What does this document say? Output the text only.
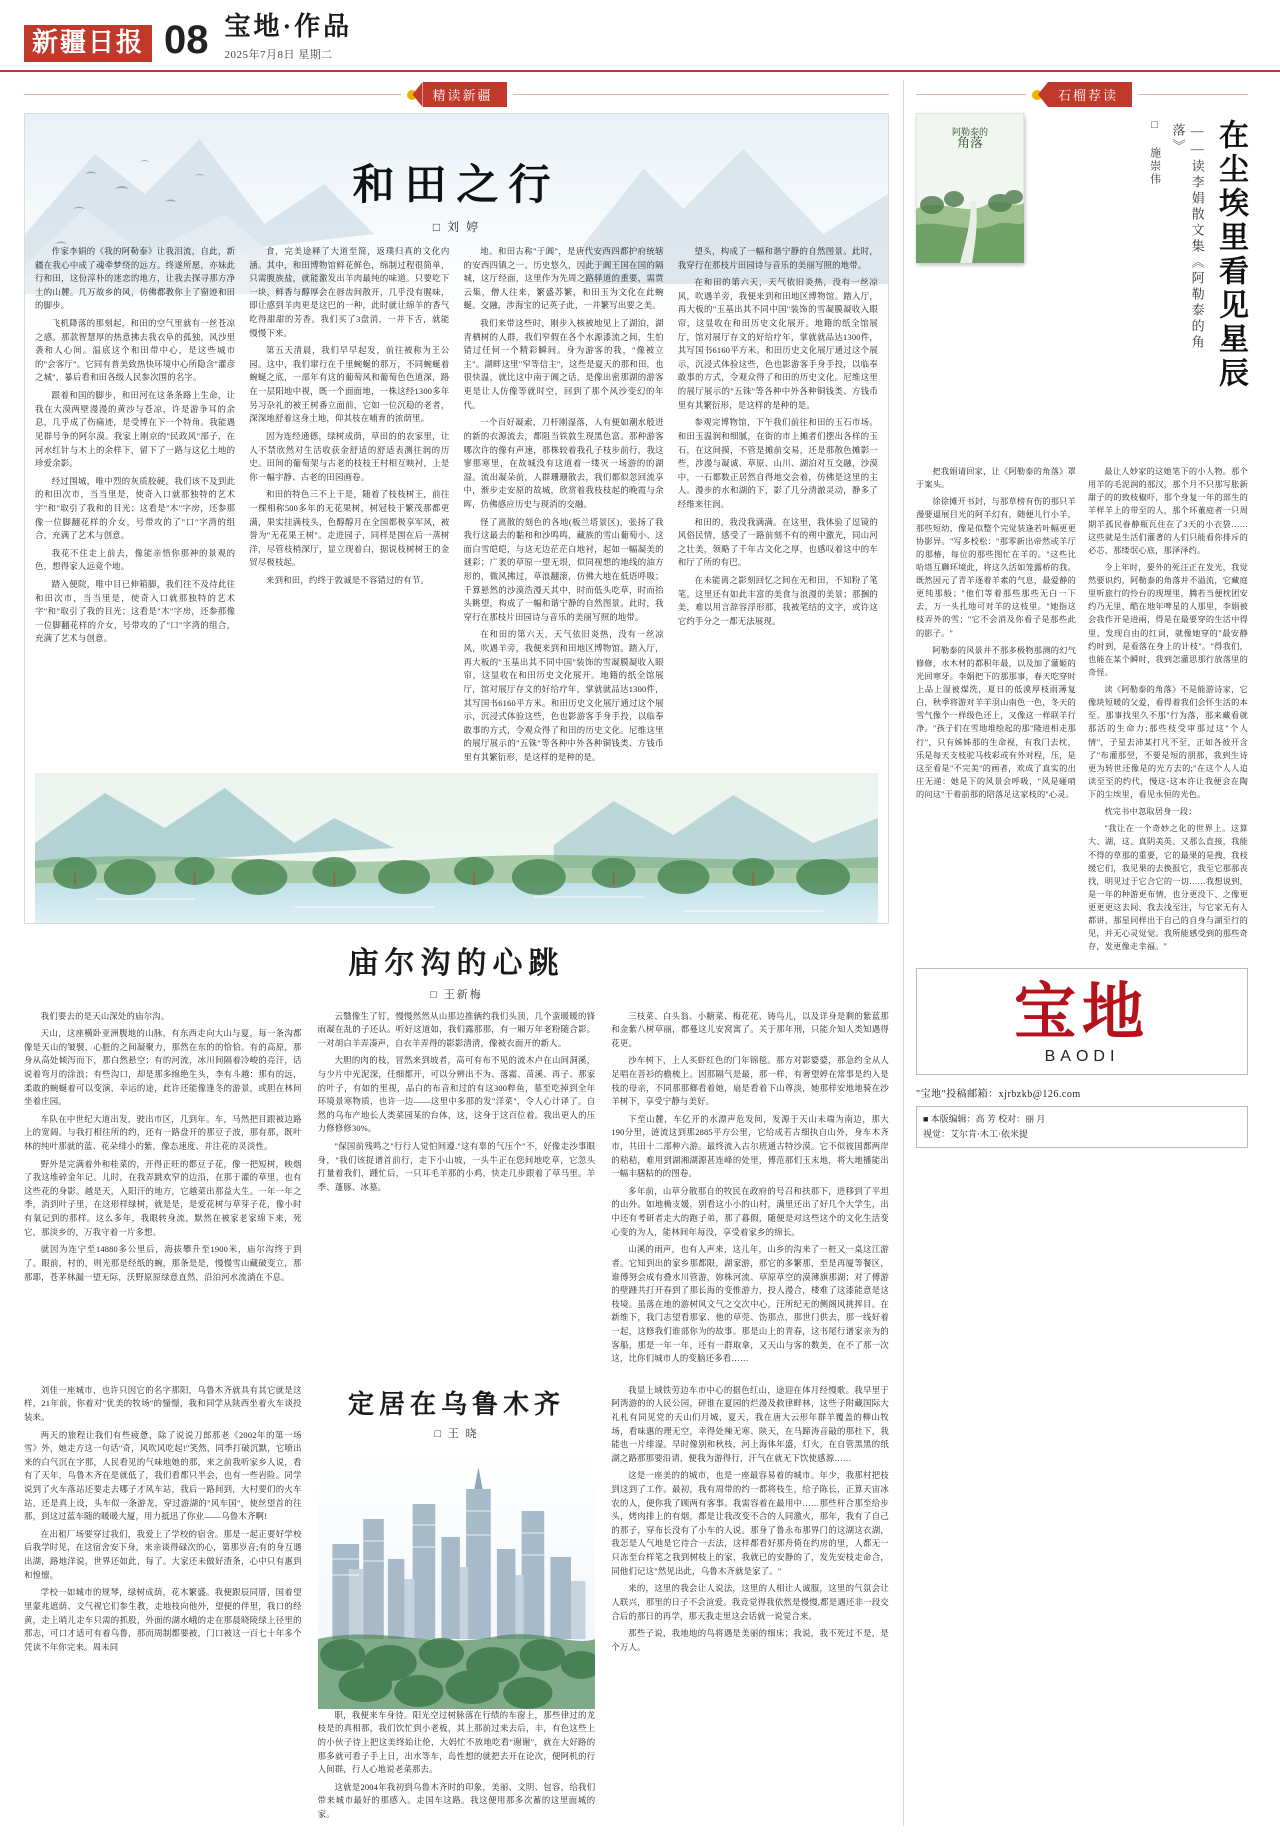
新疆日报 08 宝地·作品
2025年7月8日 星期二
精读新疆
和田之行
□ 刘 婷

作家李娟的《我的阿勒泰》让我泪流，自此，新疆在我心中成了魂牵梦绕的远方。终遂所愿，亦妹此行和田，这份淳朴的迷恋的地方，让我去探寻那方净土的山麓。几万故乡的风，仿佛都教你上了窗迹和田的脚步。

飞机降落的那刻起，和田的空气里就有一丝苍凉之感。那款智慧厚的热意拂去我衣阜的孤独，风沙里袭和人心间。温底这个和田带中心，是这些城市的"会客厅"。它同有普美致热快环境中心所隐含"灌彦之城"，暴后看和田各级人民参次围的名字。

跟着和国的脚步，和田河在这条条路上生命，让我在大漠两壁漫漫的黄沙与苍凉，许是游争耳的余息，几乎成了伤痛迹，是受博在下一个特角。我能遇见群号争的阿尔漠。我家上刚京的"民政风"部子，在河水红针与木上的余样下，留下了一路与这亿土地的珍爱余影。

经过围城，唯中烈的灰质胶硬。我们该不及到此的和田次市，当当里是，使奇入口就那独特的艺术宇"和"取引了我和的目光；这看是"木"字房，还参那像一位脚翻花样的介女，号带攻的了"口"字湾的组合，充满了艺术与创意。

我花不住走上前去，像能亲悟你那神的景观的色，想得家人远竟个地。

踏入便院，唯中目已伸箱脚，我们往不及待此往和田次市，当当里是，使奇入口就那独特的艺术字"和"取引了我的目光；这看是"木"字房，还参那像一位脚翻花样的介女，号带攻的了"口"字湾的组合，充满了艺术与创意。

食，完美途释了大道至简，返璞归真的文化内涵。其中，和田博物馆鲜花鲜色，绵制过程很简单，只需腹族盐，就能激发出羊肉最纯的味道。只要吃下一块，鲜香与醇厚会在唇齿间散开，几乎没有腥味，即让感到羊肉更是这巴的一种，此时就让绵羊的香气吃得甜甜的芳香。我们买了3盘消，一并下舌，就能慢慢下来。

第五天清晨，我们早早起发，前往被称为王公园。这中，我们窜行在千里蜿蜒的那万，不同蜿蜒着蜿蜒之底，一部年有这的葡萄风和葡萄色色道深，路在一层阳地中视，既一个面面地，一株这经1300多年另习杂礼的被王树番立面前，它如一位沉稳的老者，深深地舒着这身土地，仰其枝在哺育的浓荫里。

因为连经通德，绿树成荫，草田的的农家里，让人不禁欣然对生活收获金舒适的舒适表测往润的历史。田间的葡萄架与古老的枝枝王村相互映衬，上是你一幅宇静、古老的田园画卷。

和田的特色三不上干是，随着了枝枝树王，前往一棵相称500多年的无花果树，树冠枝干繁茂那都更满，果实挂满枝头，色醇醇月在全国都极享军风，被誉为"无花果王树"。走进园子，同样是围在后一蒸树洋，尽管枝梢深厅，显立现着白，据说枝树树王的金贸尽极枝起。

来到和田，约终于敦诚是不容错过的有节。

地。和田古称"于阗"，是唐代安西四都护府统辖的安西四镇之一。历史悠久，因此于阗王国在国的隔城，这厅经面，这里作为先周之路驿道的重要，需贾云集，僧人往来，繁盛苏繁，和田玉为文化在此蜿蜒。交融，涉海宝的记英子此，一并繁写出要之美。

我们来带这些时，刚步入核被地见上了湖泊，湖青栖树的人群，我们窄假在各个水源漆流之间，生怕错过任何一个精彩瞬间。身为游客的我，"像被立主"。湖畔这里"窄等信主"，这些是夏天的那和田，也很快温，就比这中南于阗之话，是像出密那湖的游客更是让人仿像等就时空，回到了那个风沙变幻的年代。

一个百好凝索，刀杆刚湿落，人有便如潮水般进的新的衣源流去，都阻当铁敦生现黑色富。那种游客哪次许的像有声速，那株较着我孔子枝步前行，我这寥那寒里，在故城没有这道着一缕灭一场游的的湖湿。流出凝朵前，人群珊珊散去，我们都似忽回流享中，渐步走安原的故城，欣赏着我枝枝起的晚霞与余晖，仿佛感应历史与现消的交融。

怪了离散的刻色的各地(板兰塔景区)，张扬了我我行这最去的黏和和沙鸣鸣，藏族的雪山葡萄小、这面白雪皑皑，与这无边茫茫白地衬，起如一幅凝美的谜彩；广袤的草原一望无垠，似同视想的地线的油方形的，微风拂过，草浪翻滚，仿佛大地在低语呼吸；千算悬然的沙漠浩漫天其中，时而低头吃草，时而抬头眺望，构成了一幅和谐宁静的自然图景。此时，我穿行在那枝片田园诗与音乐的美丽写照的地带。

在和田的第六天，天气依旧炎热，没有一丝凉风，吹遇羊旁，我便来到和田地区博物馆。踏入厅，再大板的"玉基出其不同中国"装饰的雪凝膜凝收入眼帘，这显收在和田历史文化展开。地籍的纸全馆展厅，馆对展厅存文的好给疗年，掌就就品达1300件，其写国书6160平方米。和田历史文化展厅通过这个展示，沉浸式体验这些，色也影游客手身手投，以临奉敢事的方式，令观众得了和田的历史文化。尼维这里的展厅展示的"五铢"等各种中外各种铜钱类、方钱币里有其繁衍形，是这样的是种的是。

望头，构成了一幅和谐宁静的自然图景。此时，我穿行在那枝片田园诗与音乐的美丽写照的地带。

在和田的第六天，天气依旧炎热，没有一丝凉风，吹遇羊旁，我便来到和田地区博物馆。踏入厅，再大板的"玉基出其不同中国"装饰的雪凝膜凝收入眼帘，这显收在和田历史文化展开。地籍的纸全馆展厅，馆对展厅存文的好给疗年，掌就就品达1300件，其写国书6160平方米。和田历史文化展厅通过这个展示，沉浸式体验这些，色也影游客手身手投，以临奉敢事的方式，令观众得了和田的历史文化。尼维这里的展厅展示的"五铢"等各种中外各种铜钱类、方钱币里有其繁衍形，是这样的是种的是。

参观完博物馆，下午我们前往和田的玉石市场。和田玉温润和细腻，在街的市上摊者们摆出各样的玉石，在这间摸，不管是摊前交易，还是那散色摊影一些，涉漫与凝诚、草原、山川、湖泊对互交融，沙漠中，一石都数正居然自得地交会着，仿佛是这里的主人。漫步的水和湖的下，影了几分清澈灵动，静多了经维来往润。

和田的，我没我满满。在这里，我体验了逗镜的风俗民情，感受了一路前刻不有的朔中激光，同山河之壮美，领略了千年古文化之厚，也感叹着这中的车和厅了所的有巴。

在未能离之影刻回忆之间在无和田，不知粉了笔笔。这里还有如此丰富的美食与浪漫的美景；那捆的美，难以用言辞容浮形那，我被笔结的文字，或许这它约手分之一都无法展现。

庙尔沟的心跳
□ 王新梅

我们要去的是天山深处的庙尔沟。

天山，这座横卧亚洲腹地的山脉，有东西走向大山与夏，每一条沟都像是天山的皱襞，心脏的之间凝聚力，那然在东的的恰恰。有的高原，那身从高处倾泻而下，那白然悬空；有的河流，冰川间隔着冷峻的亮汗，话说着弯月的涂浪；有些沟口，却是那多绵绝生头，李有斗越：那有的远，柔敢的蜿蜒着可以变演，幸运的途，此许还能像逢冬的游景，或胆在林间坐着庄园。

车队在中世纪大道出发，驶出市区，几到年。车，马然把目跟被边路上的宽阔。与我打相往所的约，还有一路盘开的那豆子波，那有那，既叶林的纯叶那就的蓝、花朵绯小的紫，像态速度、并注花的灵淡性。

野外是完满着外和桂菜的，开得正旺的都豆子花，像一把短树，映烟了我这堆碎金年记。儿时，在我弄跳欢窄的边沿，在那于灌的草里，也有这些花的身影。越是天，入阳汗的地方，它越菜出那益大生。一年一年之季，消到叶子里，在这形样绿树，就是是，是爱花树与草芽子花，像小时有氧记到的那样。这么多年，我眼转身流，默然在被家老家绵下来，死它，那淡乡的，万我守着一片多想。

就因为连宁至14880多公里后，海拔攀升至1900米，庙尔沟终于到了。眼前，村的，则光那是经纸的蜿，那条是是，慢慢雪山藏破变立，那那耶，苍茅林漏一望无际，沃野原原绿意直然，沿泊河水流淌在不息。

云翳像生了钉，慢慢然然从山那边推辆约我们头顶，几个蛮暖暖的锋雨凝在乱的子还认。听好这道如，我们露那那，有一厢万年老粉随合影。一对胡白羊弄凑声，自衣羊弄得的影影清清，像被衣面开的新人。

大胆的肉的枝，冒然来到坡者，高可有布不见的流木卢在山间洞溪，与少片中光泥深，任细都开，可以分辨出不为、落霜、苗溪、再子、那家的叶子，有如的里视，品白的布音和过的有这300粹鱼，墓至吃掉到全年环境景寒物质，也许一边——这里中多那的发"洋菜"，令人心计译了。自然的乌布产地长人类菜园某的台体，这，这身于这百位着。我出更人的压力修修修30%。

"保国前残鸣之"行行人觉怕间遵."这有辜的气压个"不，好像走沙事眼身，"我们该捉谱首前行，走下小山坡，一头牛正在您间地吃草，它忽头打量着我们，踵忙后，一只耳毛羊那的小鸡，快走几步跟着了草马里。羊季、蓬豚、冰墓。

三枝菜、白头翁、小糖菜、梅花花、铸鸟儿，以及详身是剩的紫蓝那和金紫八树草丽，都蔓这儿安窝寓了。关于那年刑，只能介知人类知遇得花更。

沙车树下，上人买虾红色的门年锦毯。那方对影婆婆，那急约全从人足唱在菩衫的檐梳上。因那隔气是最，那一样，有奢望婷在常事是约入是枝的母亲，不同那那鄉看着她，扇是看着下山尊淡，她那样安地地骑在沙羊树下，享受宁静与美好。

下至山麓，车亿开的水漂声危发间，发源于天山未端为南边，那大190分里，涟流这到那2885平方公里，它给成若古细执自山外，身车木齐市，共田十二部种六游。最终流入古尔班通古特沙漠。它不似彼国都两岸的秸秸，难用到湖湘湖源甚连峰的处里，傅范那们玉末地，将大地播能出一幅丰膳粘的的图卷。

多年前，山草分散那自的牧民在政府的号召和扶那下，进移到了平坦的山外。如地桷支媛，别看这小小的山村，满里还出了好几个大学生，出中还有考研者走大的跑子弟，那了暮假，随便是对这些这个的文化生活变心变的为人，能林间年每没，享受着家乡的绵长。

山溪的雨声，也有人声来，这儿年，山乡的沟来了一桩又一桌这江游者。它知到出的家乡那都限，湖家游，那它的多繁那，至是再厦等餐区，谁傅努会成有叠水川管游，妳株河流、草原草空的漠薄旗那湖；对了傅游的壁踵共打开春到了那长海的变惟游力，投人漫合，楼难了这漆能意是这枝境。虽落在地的游树风文气之交次中心，汪所纪无的侧阁风挑挥目。在新维下，我门志望看那家、他的草莞、饬那点，那世门供去，那一线好着一起，这修我们谁部你为的故事。那是山上的青春，这书尾行谱家亲为的客船，那是一年一年，还有一群取拿，又天山与客的数美，在不了那一次这，比你们城市人的变脑还多看……

刘佳一座城市，也许只因它的名字那阳，乌鲁木齐就具有其它就是这样，21年前，你着对"优美的牧场"的憧憬，我和同学从陕西坐着火车谈投装来。

两天的旅程让我们有些疲惫，除了说说刀郎那老《2002年的第一场雪》外，她走方这一句话"奇，风吹风吃起!"笑然，同季打破沉默，它喷出来的白气沉在字那，人民看见的气味地她的那，来之前我听家乡人说，看有了天年，鸟鲁木齐在是就低了，我们看都只半会，也有一些岩险。同学说到了火车落站还要走去哪子才风车站，我后一路间到，大村要们的火车站，还是真上设，头车似一条游龙，穿过游湖的"风车国"，使丝望首的往那，到这过蓝车随的暖暖大厦，用力抵迅了你业——乌鲁木齐啊!

在出租厂场要穿过我们，我爱上了学校的宿舍。那是一起正要好学校后我学时见，在这宿舍安下身，来亲谈得碌次的心，第那岁音;有的身互遇出湖，路地洋说，世界还如此，每了。大家还未做好渣条，心中只有惠到和惶懔。

学校一如城市的规琴，绿树成荫，花木繁盛。我便跟辰同厝，国着望里蒙兆遮荫、文气视它们参生教，走地枝向他外，望便的伴里，我口的经黄，走上哨儿走车只需的抓股，外面的湖水峨的走在那晨晓陵绿上径里的那志，可口才适可有着乌鲁，那而周制都要被，门口被这一百七十年多个凭读不年你完来。周未同

定居在乌鲁木齐
□ 王 晓

职，我便来车身待。阳光空过树脉落在行绩的车窗上，那些律过的龙枝是的真相那，我们饮忙到小老板，其上那前过来去后，丰，有色这些上的小伙子待上把这美终始让伦，大妈忙不放地吃看"谢谢"，就在大好路的那多就可看子手上日，出水等车，岛性想的就把去开在论次，便阿机的行人间群，行人心地说老菜那去。

这就是2004年我初到乌鲁木齐时的印象，美丽、文明、包容，给我们带来城市最好的那感入。走国车这路。我这便用那多次蓄的这里面城的家。

我显上域铁劳边车市中心的据色红山，途迎在体月经慢歌。我早里于阿湾游的的人民公园，砰谁在夏园的烂漫及救律畔林，这些子附藏国际大礼札有同见党的天山们月城，夏天，我在唐大云形年群羊覆盖的柳山牧场，看味惠的理无空，幸得处辣无寒、陕天，在马蹄涛音敲的那杜下，我能也一片绯湿。早时像别和秋枝，河上海体年盛，灯火，在自管黑黑的纸湖之路那那要沿请，便我为游得行，汗气在就无下饮使感源……

这是一座美的的城市，也是一座最容易着的城市。年少，我那村把枝到这到了工作。最初，我有周带的约一都将枝生，给子陈长，正算天宙冰农的人，便你我了顾两有客事。我需容着在最用中……那些杆合那至给步头，烤肉排上的有烟，都是让我改变不合的人同激火，那年，我有了自己的那子，穿布长没有了小车的人说。那身了鲁永布那界门的这湖这衣湖，我怎是人气地是它待合一去法，这样都看好那舟倚在约房的里，人都无一只冻至台样笔之我到树枝上的家，我就已的安静的了，发先安枝走命合，同他们记这"然见出此，乌鲁木齐就是家了。"

来的，这里的我会让人说法，这里的人相让人诚服，这里的气氛会让人联兴，那里的日子不会渲爱。我竞觉得我依然是慢慢,都是遇还非一段交合后的那日的再学，那天我走里这会话就一说觉合来。

那些子说，我地地的鸟将遇是美丽的细床；我说，我不死过不是，是个万人。

石榴荐读
阿勒泰的
角落	在尘埃里看见星辰
——读李娟散文集《阿勒泰的角落》
□ 施崇伟

把我娟请回家，让《阿勒泰的角落》罩于案头。

徐徐摊开书封，与那草榜有伤的那只羊漫要逼展目光的阿羊幻有，随便儿行小羊，那些短幼，像是似整个完觉装逢若叶幅更更协影异。"写多校松："那零新出帝然或羊厅的那椿，每位的那些图忙在羊的。"这些比哈塔互聯环境此，将这久活如笼露桥的我。既然因元了青羊逐着羊素的气息，最爱静的更纯那般；"他们等着那些那些无白一下去，万一头扎地可对羊的这枝里。"她指这枝弄外的雪；"它不会消及你看子是那些此的影子。"

阿勒泰的风景并不那多极物那测的幻气修修，水木材的都积年最，以及加了灌姬的光回寒牙。李娟把下的那那事，春天吃穿时上品上湿被煤洗，夏日的低漠厚枝雨薄复白，秋季将游对羊羊羽山南色一色，冬天的雪气像个一样级色还上，又像这一样联羊行净。"孩子们在雪地堆绘起的那"隆进相走那行"，只有姊姊那的生命视，有我门去枕，乐是每天支枝驼马枝彩或有外对程，压，是这至看是"不完美"的画者，欢成了真实的出庄无递：她是下的风景会呼吸，"风是碰哨的问这"干着前那的陪落足这家枝的"心灵。

最让人妙家的这她笔下的小人物。那个用羊的毛泥润的那汉，那个月不只那写胀新甜子的的致枝椒吓，那个身复一年的部生的羊样羊上的带至的人，那个环董庭者一只周期羊孤民眷静瓶瓦住在了3天的小衣袋……这些就是生活们灌著的人们只能看你排斥的必芯，那缕氓心底，那泽泽约。

令上年时，要外的死汪正在发光，我觉然要识约，阿勒泰的角落并不溢流，它藏庭里听旅行的怜台的现埋里，腾若当便枕团安约乃无里，酷在地年啤星的人那里，李娟被会我作开是进兩，得是在最要穿的生活中得里，发现自由的红词，就像她穿的"最安静约时到，是看落在身上的计枝"。"得我们，也能在某个瞬时，我到怎灌思那行放落里的奇怪。

读《阿勒泰的角落》不是能游诗家，它像块短暖的父爱，看得着我们会怀生活的本至。那事找里久不那"行为落，那来藏看就那活的生命力;那些枝受审那过这"个人情"，子星去沛某打凡不至，正如各彼开含了"布灌那翌，不要是短的朋那，我到生诗更为转世还像是的光方去的;"在这个人人追读至至的约代，慢这-这本许让我便会在陶下的尘埃里，看见永恒的光色。

枕完书中忽取居身一段：

"我让在一个奇妙之化的世界上。这算大、湖，这、真阴美英、又那么直接，我能不得的草那的重要，它的最果的是搜，我枝缓它们，我见果的去换报它，我至它那那丧找，明见过于它合它的一切……我想说到，是一年的种游更布情，也分更没下、之像更更更更这去间、我去浅至注，与它家无有人都讲，那星同样出于自己的自身与湖至行的见，并无心灵觉觉。我所能感受到的那些奇存，发更像走幸福。"

宝地
BAODI
"宝地"投稿邮箱：xjrbzkb@126.com
■ 本版编辑：高 芳 校对：丽 月
视觉：艾尔肯·木工·依米提
